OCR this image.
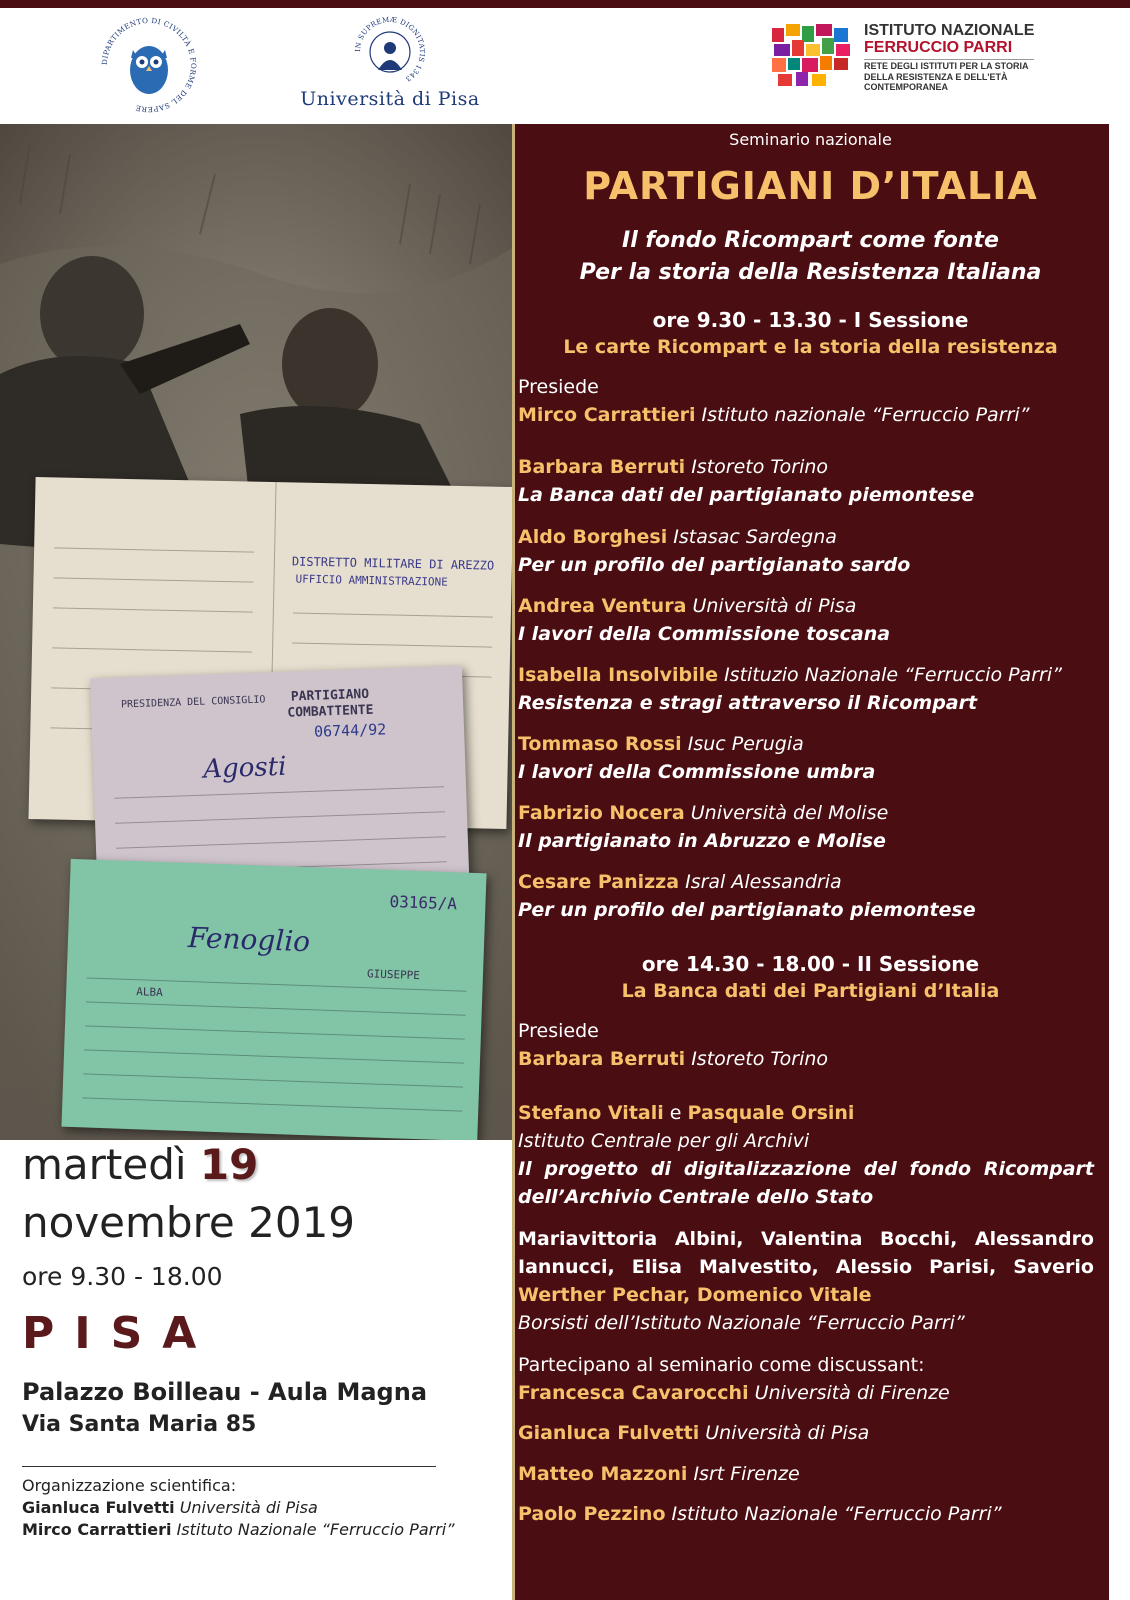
DIPARTIMENTO DI CIVILTÀ E FORME DEL SAPERE
IN SUPREMÆ DIGNITATIS 1343
Università di Pisa
ISTITUTO NAZIONALE
FERRUCCIO PARRI
RETE DEGLI ISTITUTI PER LA STORIA DELLA RESISTENZA E DELL'ETÀ CONTEMPORANEA
DISTRETTO MILITARE DI AREZZO
UFFICIO AMMINISTRAZIONE
PRESIDENZA DEL CONSIGLIO PARTIGIANO
COMBATTENTE
06744/92
Agosti
03165/A
Fenoglio
GIUSEPPE
ALBA
martedì 19
novembre 2019
ore 9.30 - 18.00
PISA
Palazzo Boilleau - Aula Magna
Via Santa Maria 85
Organizzazione scientifica:
Gianluca Fulvetti Università di Pisa
Mirco Carrattieri Istituto Nazionale “Ferruccio Parri”
Seminario nazionale
PARTIGIANI D’ITALIA
Il fondo Ricompart come fonte
Per la storia della Resistenza Italiana
ore 9.30 - 13.30 - I Sessione
Le carte Ricompart e la storia della resistenza
Presiede
Mirco Carrattieri Istituto nazionale “Ferruccio Parri”
Barbara Berruti Istoreto Torino
La Banca dati del partigianato piemontese
Aldo Borghesi Istasac Sardegna
Per un profilo del partigianato sardo
Andrea Ventura Università di Pisa
I lavori della Commissione toscana
Isabella Insolvibile Istituzio Nazionale “Ferruccio Parri”
Resistenza e stragi attraverso il Ricompart
Tommaso Rossi Isuc Perugia
I lavori della Commissione umbra
Fabrizio Nocera Università del Molise
Il partigianato in Abruzzo e Molise
Cesare Panizza Isral Alessandria
Per un profilo del partigianato piemontese
ore 14.30 - 18.00 - II Sessione
La Banca dati dei Partigiani d’Italia
Presiede
Barbara Berruti Istoreto Torino
Stefano Vitali e Pasquale Orsini
Istituto Centrale per gli Archivi
Il progetto di digitalizzazione del fondo Ricompart
dell’Archivio Centrale dello Stato
Mariavittoria Albini, Valentina Bocchi, Alessandro
Iannucci, Elisa Malvestito, Alessio Parisi, Saverio
Werther Pechar, Domenico Vitale
Borsisti dell’Istituto Nazionale “Ferruccio Parri”
Partecipano al seminario come discussant:
Francesca Cavarocchi Università di Firenze
Gianluca Fulvetti Università di Pisa
Matteo Mazzoni Isrt Firenze
Paolo Pezzino Istituto Nazionale “Ferruccio Parri”
